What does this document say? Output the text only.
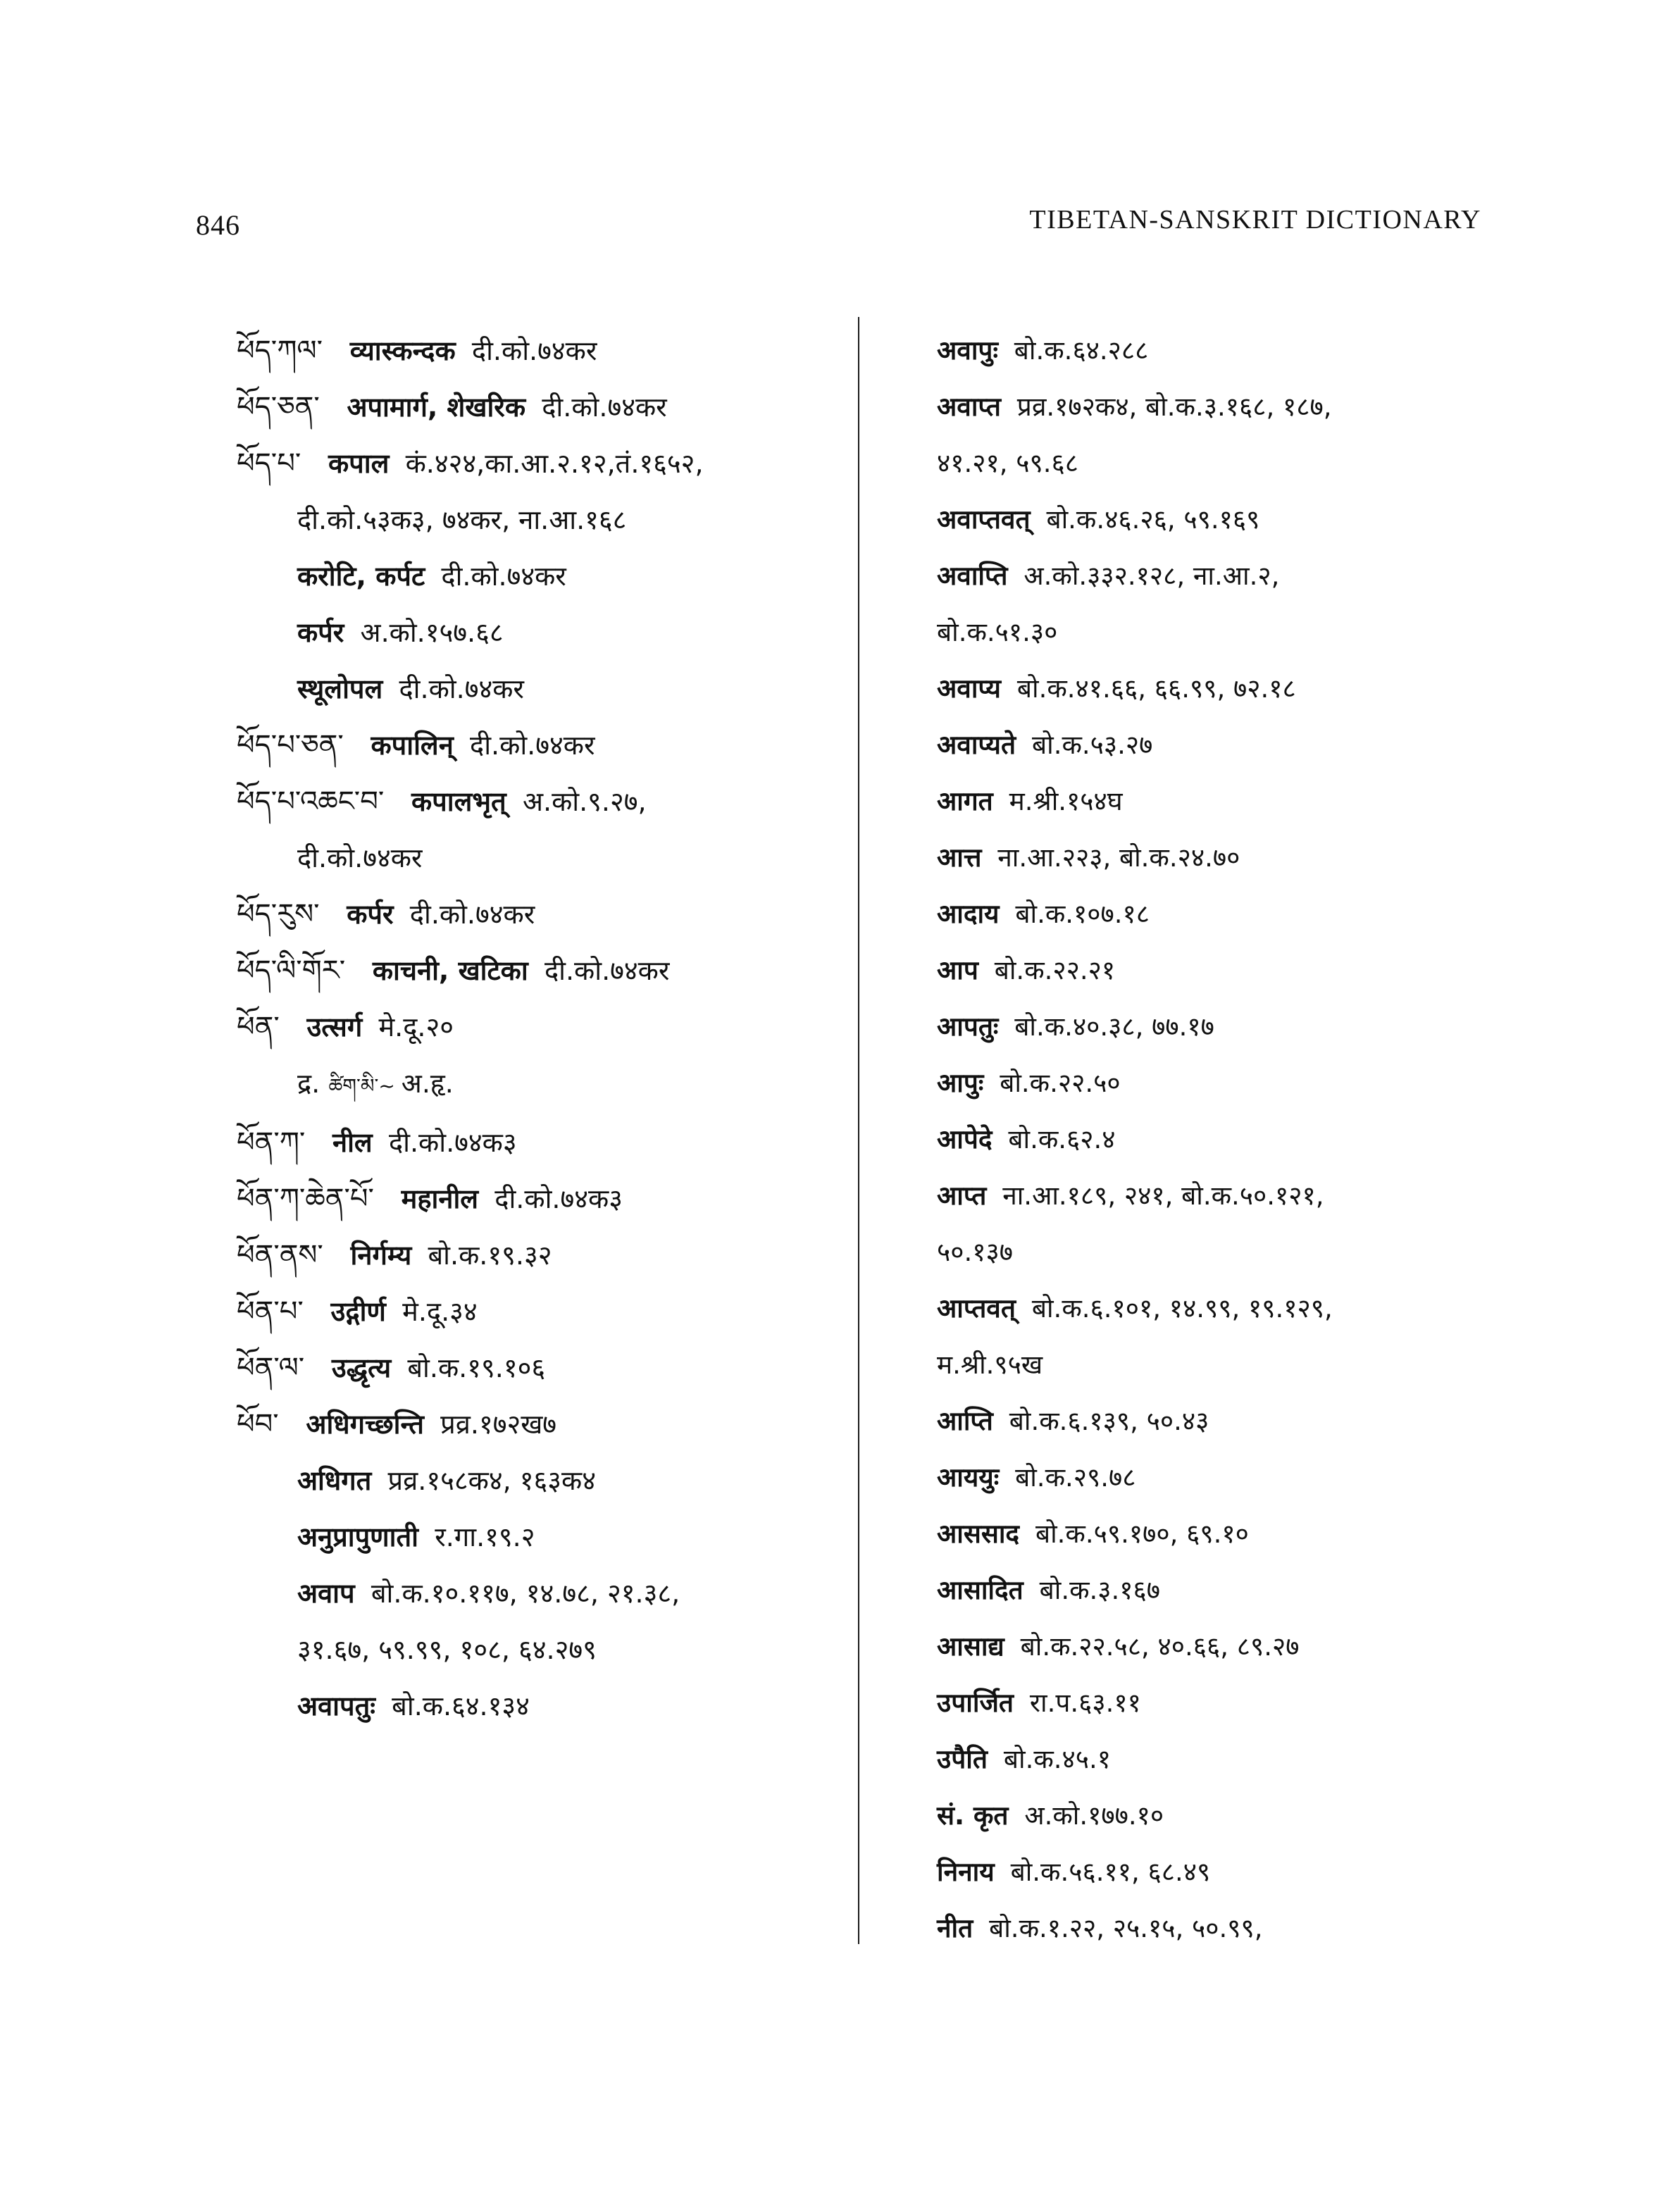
846	TIBETAN-SANSKRIT DICTIONARY

ཕོད་ཀལ་ व्यास्कन्दक दी.को.७४कर

ཕོད་ཅན་ अपामार्ग, शेखरिक दी.को.७४कर

ཕོད་པ་ कपाल कं.४२४,का.आ.२.१२,तं.१६५२,

दी.को.५३क३, ७४कर, ना.आ.१६८

करोटि, कर्पट दी.को.७४कर

कर्पर अ.को.१५७.६८

स्थूलोपल दी.को.७४कर

ཕོད་པ་ཅན་ कपालिन् दी.को.७४कर

ཕོད་པ་འཆང་བ་ कपालभृत् अ.को.९.२७,

दी.को.७४कर

ཕོད་རུས་ कर्पर दी.को.७४कर

ཕོད་ལི་གོར་ काचनी, खटिका दी.को.७४कर

ཕོན་ उत्सर्ग मे.दू.२०

द्र. ཚིག་མི་~ अ.हृ.

ཕོན་ཀ་ नील दी.को.७४क३

ཕོན་ཀ་ཆེན་པོ་ महानील दी.को.७४क३

ཕོན་ནས་ निर्गम्य बो.क.१९.३२

ཕོན་པ་ उद्गीर्ण मे.दू.३४

ཕོན་ལ་ उद्धृत्य बो.क.१९.१०६

ཕོབ་ अधिगच्छन्ति प्रव्र.१७२ख७

अधिगत प्रव्र.१५८क४, १६३क४

अनुप्रापुणाती र.गा.१९.२

अवाप बो.क.१०.११७, १४.७८, २१.३८,

३१.६७, ५९.९९, १०८, ६४.२७९

अवापतुः बो.क.६४.१३४

अवापुः बो.क.६४.२८८

अवाप्त प्रव्र.१७२क४, बो.क.३.१६८, १८७,

४१.२१, ५९.६८

अवाप्तवत् बो.क.४६.२६, ५९.१६९

अवाप्ति अ.को.३३२.१२८, ना.आ.२,

बो.क.५१.३०

अवाप्य बो.क.४१.६६, ६६.९९, ७२.१८

अवाप्यते बो.क.५३.२७

आगत म.श्री.१५४घ

आत्त ना.आ.२२३, बो.क.२४.७०

आदाय बो.क.१०७.१८

आप बो.क.२२.२१

आपतुः बो.क.४०.३८, ७७.१७

आपुः बो.क.२२.५०

आपेदे बो.क.६२.४

आप्त ना.आ.१८९, २४१, बो.क.५०.१२१,

५०.१३७

आप्तवत् बो.क.६.१०१, १४.९९, १९.१२९,

म.श्री.९५ख

आप्ति बो.क.६.१३९, ५०.४३

आययुः बो.क.२९.७८

आससाद बो.क.५९.१७०, ६९.१०

आसादित बो.क.३.१६७

आसाद्य बो.क.२२.५८, ४०.६६, ८९.२७

उपार्जित रा.प.६३.११

उपैति बो.क.४५.१

सं. कृत अ.को.१७७.१०

निनाय बो.क.५६.११, ६८.४९

नीत बो.क.१.२२, २५.१५, ५०.९९,
